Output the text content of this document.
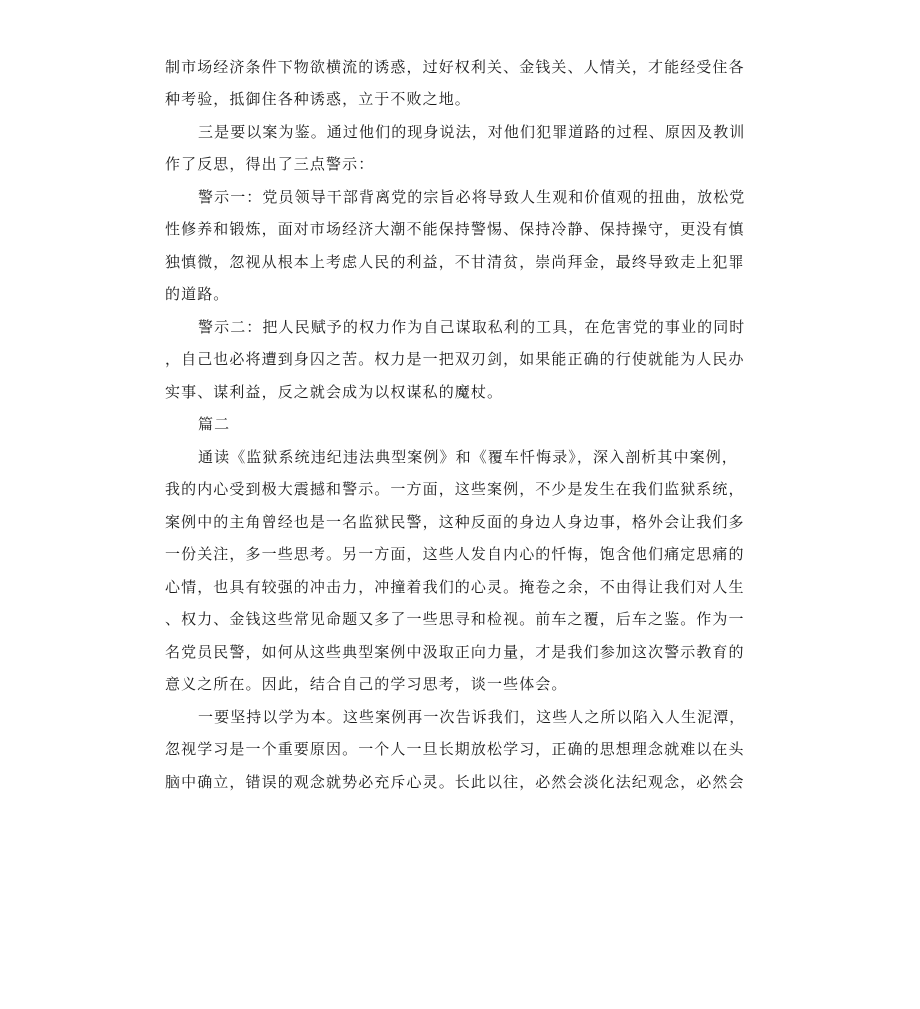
制市场经济条件下物欲横流的诱惑，过好权利关、金钱关、人情关，才能经受住各
种考验，抵御住各种诱惑，立于不败之地。
三是要以案为鉴。通过他们的现身说法，对他们犯罪道路的过程、原因及教训
作了反思，得出了三点警示：
警示一：党员领导干部背离党的宗旨必将导致人生观和价值观的扭曲，放松党
性修养和锻炼，面对市场经济大潮不能保持警惕、保持冷静、保持操守，更没有慎
独慎微，忽视从根本上考虑人民的利益，不甘清贫，崇尚拜金，最终导致走上犯罪
的道路。
警示二：把人民赋予的权力作为自己谋取私利的工具，在危害党的事业的同时
，自己也必将遭到身囚之苦。权力是一把双刃剑，如果能正确的行使就能为人民办
实事、谋利益，反之就会成为以权谋私的魔杖。
篇二
通读《监狱系统违纪违法典型案例》和《覆车忏悔录》，深入剖析其中案例，
我的内心受到极大震撼和警示。一方面，这些案例，不少是发生在我们监狱系统，
案例中的主角曾经也是一名监狱民警，这种反面的身边人身边事，格外会让我们多
一份关注，多一些思考。另一方面，这些人发自内心的忏悔，饱含他们痛定思痛的
心情，也具有较强的冲击力，冲撞着我们的心灵。掩卷之余，不由得让我们对人生
、权力、金钱这些常见命题又多了一些思寻和检视。前车之覆，后车之鉴。作为一
名党员民警，如何从这些典型案例中汲取正向力量，才是我们参加这次警示教育的
意义之所在。因此，结合自己的学习思考，谈一些体会。
一要坚持以学为本。这些案例再一次告诉我们，这些人之所以陷入人生泥潭，
忽视学习是一个重要原因。一个人一旦长期放松学习，正确的思想理念就难以在头
脑中确立，错误的观念就势必充斥心灵。长此以往，必然会淡化法纪观念，必然会
